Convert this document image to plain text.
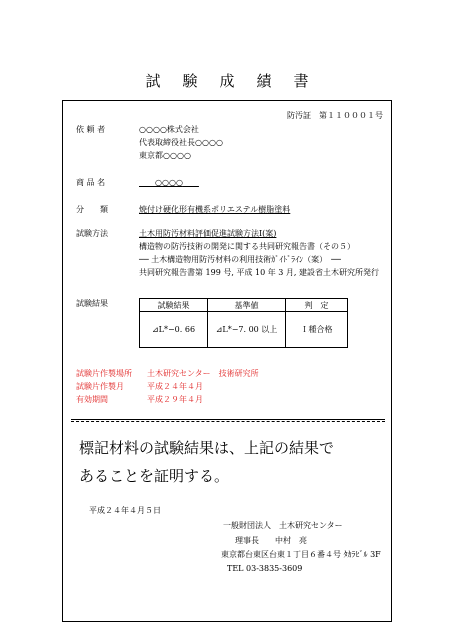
試験成績書
防汚証　第１１０００１号
依 頼 者	○○○○株式会社
代表取締役社長○○○○
東京都○○○○
商 品 名
　　	○○○○　　
分　　類	焼付け硬化形有機系ポリエステル樹脂塗料
試験方法	土木用防汚材料評価促進試験方法Ⅰ(案)
構造物の防汚技術の開発に関する共同研究報告書（その５）
── 土木構造物用防汚材料の利用技術ｶﾞｲﾄﾞﾗｲﾝ（案）　──
共同研究報告書第 199 号, 平成 10 年 3 月, 建設省土木研究所発行
試験結果	試験結果	基準値	判　定
⊿L*−0. 66	⊿L*−7. 00 以上	Ｉ種合格
試験片作製場所 土木研究センター　技術研究所
試験片作製月	平成２４年４月
有効期間	平成２９年４月
標記材料の試験結果は、上記の結果で
あることを証明する。
平成２４年４月５日
一般財団法人　土木研究センター
理事長　　中村　亮
東京都台東区台東１丁目６番４号 ﾀｶﾗﾋﾞﾙ 3F
TEL 03-3835-3609
